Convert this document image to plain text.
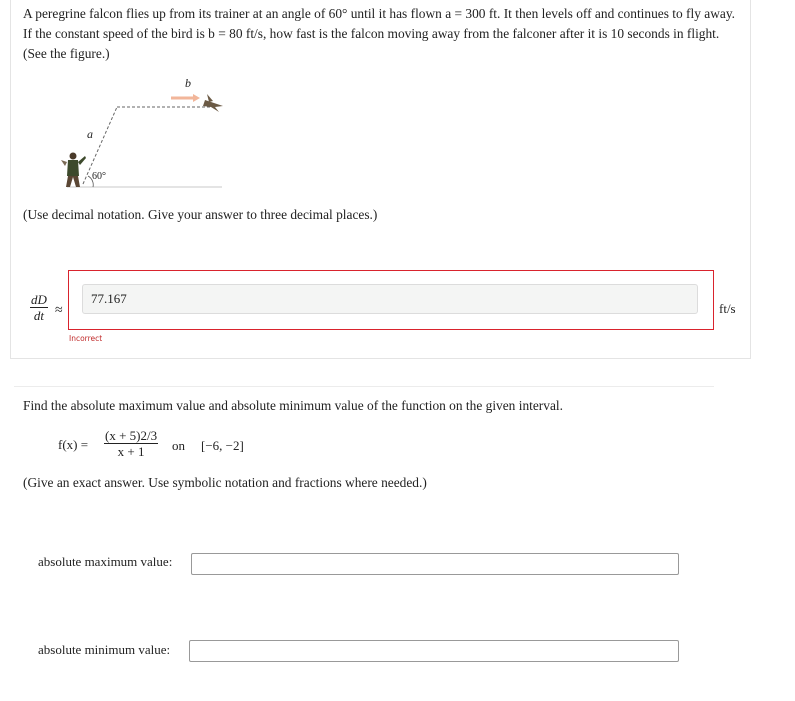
A peregrine falcon flies up from its trainer at an angle of 60° until it has flown a = 300 ft. It then levels off and continues to fly away. If the constant speed of the bird is b = 80 ft/s, how fast is the falcon moving away from the falconer after it is 10 seconds in flight. (See the figure.)

a
b
60°

(Use decimal notation. Give your answer to three decimal places.)

$\frac{dD}{dt}$ ≈
77.167	ft/s
Incorrect

Find the absolute maximum value and absolute minimum value of the function on the given interval.

$f(x) = \frac{(x + 5)2/3}{x + 1}$ on [−6, −2]

(Give an exact answer. Use symbolic notation and fractions where needed.)

absolute maximum value:
absolute minimum value:
